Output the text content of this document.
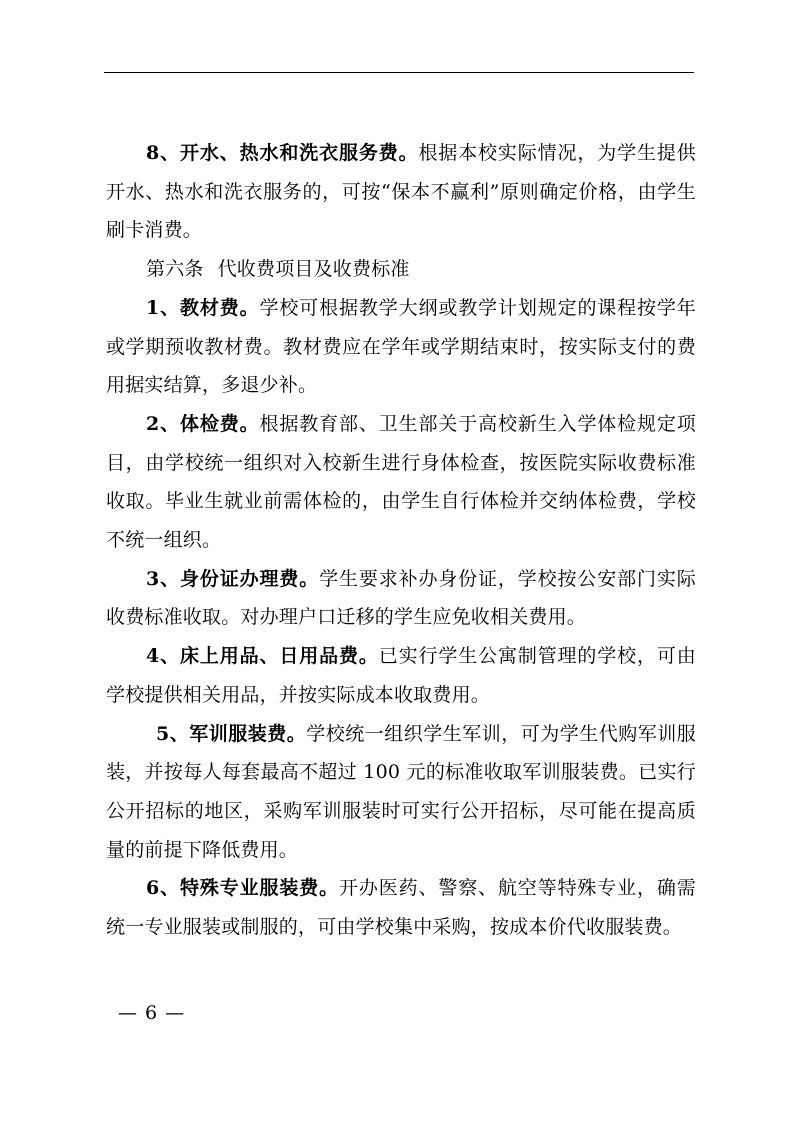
8、开水、热水和洗衣服务费。根据本校实际情况，为学生提供开水、热水和洗衣服务的，可按“保本不赢利”原则确定价格，由学生刷卡消费。

第六条 代收费项目及收费标准

1、教材费。学校可根据教学大纲或教学计划规定的课程按学年或学期预收教材费。教材费应在学年或学期结束时，按实际支付的费用据实结算，多退少补。

2、体检费。根据教育部、卫生部关于高校新生入学体检规定项目，由学校统一组织对入校新生进行身体检查，按医院实际收费标准收取。毕业生就业前需体检的，由学生自行体检并交纳体检费，学校不统一组织。

3、身份证办理费。学生要求补办身份证，学校按公安部门实际收费标准收取。对办理户口迁移的学生应免收相关费用。

4、床上用品、日用品费。已实行学生公寓制管理的学校，可由学校提供相关用品，并按实际成本收取费用。

5、军训服装费。学校统一组织学生军训，可为学生代购军训服装，并按每人每套最高不超过 100 元的标准收取军训服装费。已实行公开招标的地区，采购军训服装时可实行公开招标，尽可能在提高质量的前提下降低费用。

6、特殊专业服装费。开办医药、警察、航空等特殊专业，确需统一专业服装或制服的，可由学校集中采购，按成本价代收服装费。

— 6 —
